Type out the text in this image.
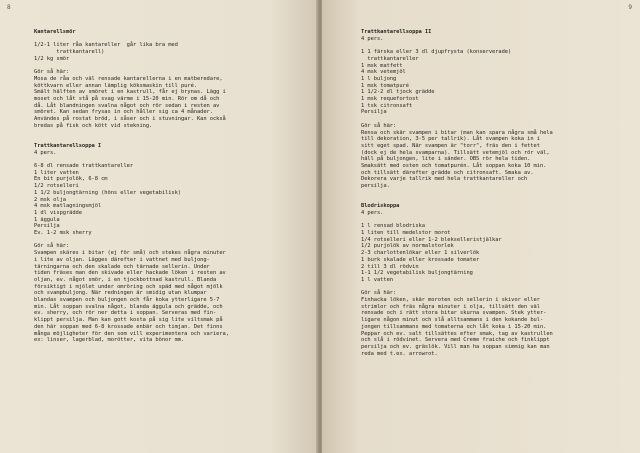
8
Kantarellsmör
1/2-1 liter råa kantareller  går lika bra med
trattkantarell)
1/2 kg smör
Gör så här:
Mosa de råa och väl rensade kantarellerna i en matberedare,
köttkvarn eller annan lämplig köksmaskin till puré.
Smält hälften av smöret i en kastrull, får ej brynas. Lägg i
moset och låt stå på svag värme i 15-20 min. Rör om då och
då. Låt blandningen svalna något och rör sedan i resten av
smöret. Kan sedan frysas in och håller sig ca 4 månader.
Användes på rostat bröd, i såser och i stuvningar. Kan också
bredas på fisk och kött vid stekning.
Trattkantarellsoppa I
4 pers.
6-8 dl rensade trattkantareller
1 liter vatten
En bit purjolök, 6-8 cm
1/2 rotselleri
1 1/2 buljongtärning (höns eller vegetabilisk)
2 msk olja
4 msk matlagningsmjöl
1 dl vispgrädde
1 äggula
Persilja
Ev. 1-2 msk sherry
Gör så här:
Svampen skäres i bitar (ej för små) och stekes några minuter
i lite av oljan. Lägges därefter i vattnet med buljong-
tärningarna och den skalade och tärnade sellerin. Under
tiden fräses man den skivade eller hackade löken i resten av
oljan, ev. något smör, i en tjockbottnad kastrull. Blanda
försiktigt i mjölet under omröring och späd med något mjölk
och svampbuljong. När redningen är smidig utan klumpar
blandas svampen och buljongen och får koka ytterligare 5-7
min. Låt soppan svalna något, blanda äggula och grädde, och
ev. sherry, och rör ner detta i soppan. Serveras med fin-
klippt persilja. Man kan gott kosta på sig lite viltsmak på
den här soppan med 6-8 krossade enbär och timjan. Det finns
många möjligheter för den som vill experimentera och variera,
ex: linser, lagerblad, morötter, vita bönor mm.
9
Trattkantarellsoppa II
4 pers.
1 1 färska eller 3 dl djupfrysta (konserverade)
trattkantareller
1 msk matfett
4 msk vetemjöl
1 l buljong
1 msk tomatpuré
1 1/2-2 dl tjock grädde
1 msk requefortost
1 tsk citronsaft
Persilja
Gör så här:
Rensa och skär svampen i bitar (man kan spara några små hela
till dekoration, 3-5 per tallrik). Låt svampen koka in i
sitt eget spad. När svampen är "torr", fräs den i fettet
(dock ej de hela svamparna). Tillsätt vetemjöl och rör väl,
häll på buljongen, lite i sänder. OBS rör hela tiden.
Smaksätt med osten och tomatpurén. Låt soppan koka 10 min.
och tillsätt därefter grädde och citronsaft. Smaka av.
Dekorera varje tallrik med hela trattkantareller och
persilja.
Blodriskoppa
4 pers.
1 l rensad blodriska
1 liten till medelstor morot
1/4 rotselleri eller 1-2 blekselleristjälkar
1/2 purjolök av normalstorlek
2-3 charlottenlökar eller 1 silverlök
1 burk skalade eller krossade tomater
2 till 3 dl rödvin
1-1 1/2 vegetabilisk buljongtärning
1 l vatten
Gör så här:
Finhacka löken, skär moroten och sellerin i skivor eller
strimlor och fräs några minuter i olja, tillsätt den väl
rensade och i rätt stora bitar skurna svampen. Stek ytter-
ligare någon minut och slå alltsammans i den kokande bul-
jongen tillsammans med tomaterna och låt koka i 15-20 min.
Peppar och ev. salt tillsättes efter smak, tag av kastrullen
och slå i rödvinet. Servera med Creme fraiche och finklippt
persilja och ev. gräslök. Vill man ha soppan simmig kan man
reda med t.ex. arrowrot.
